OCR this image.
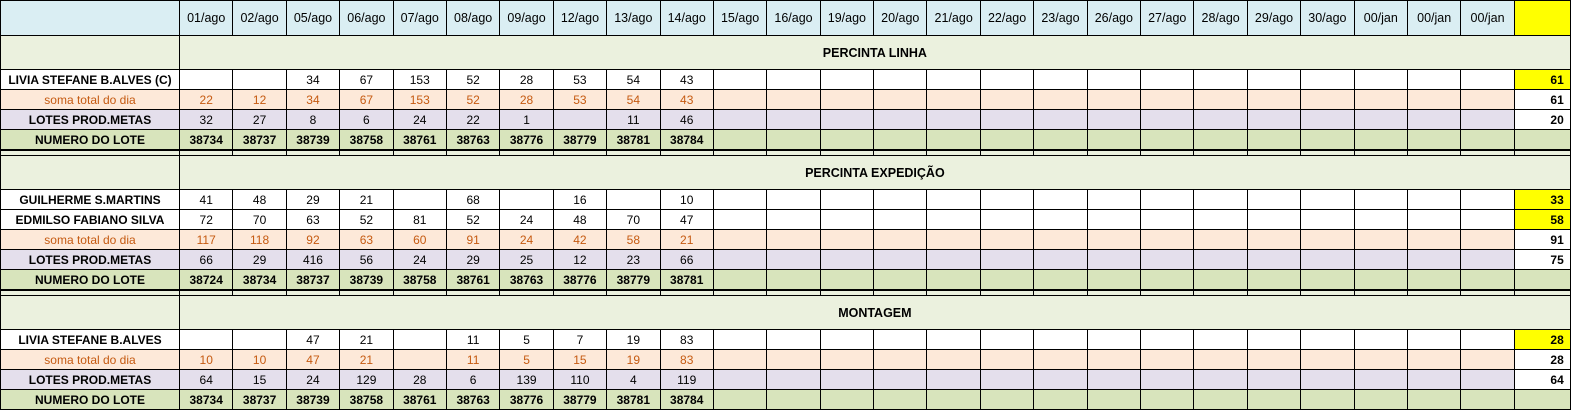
	01/ago	02/ago	05/ago	06/ago	07/ago	08/ago	09/ago	12/ago	13/ago	14/ago	15/ago	16/ago	19/ago	20/ago	21/ago	22/ago	23/ago	26/ago	27/ago	28/ago	29/ago	30/ago	00/jan	00/jan	00/jan	
	PERCINTA LINHA																									
LIVIA STEFANE B.ALVES (C)			34	67	153	52	28	53	54	43																61
soma total do dia	22	12	34	67	153	52	28	53	54	43																61
LOTES PROD.METAS	32	27	8	6	24	22	1		11	46																20
NUMERO DO LOTE	38734	38737	38739	38758	38761	38763	38776	38779	38781	38784																

	PERCINTA EXPEDIÇÃO																									
GUILHERME S.MARTINS	41	48	29	21		68		16		10																33
EDMILSO FABIANO SILVA	72	70	63	52	81	52	24	48	70	47																58
soma total do dia	117	118	92	63	60	91	24	42	58	21																91
LOTES PROD.METAS	66	29	416	56	24	29	25	12	23	66																75
NUMERO DO LOTE	38724	38734	38737	38739	38758	38761	38763	38776	38779	38781																

	MONTAGEM																									
LIVIA STEFANE B.ALVES			47	21		11	5	7	19	83																28
soma total do dia	10	10	47	21		11	5	15	19	83																28
LOTES PROD.METAS	64	15	24	129	28	6	139	110	4	119																64
NUMERO DO LOTE	38734	38737	38739	38758	38761	38763	38776	38779	38781	38784																
